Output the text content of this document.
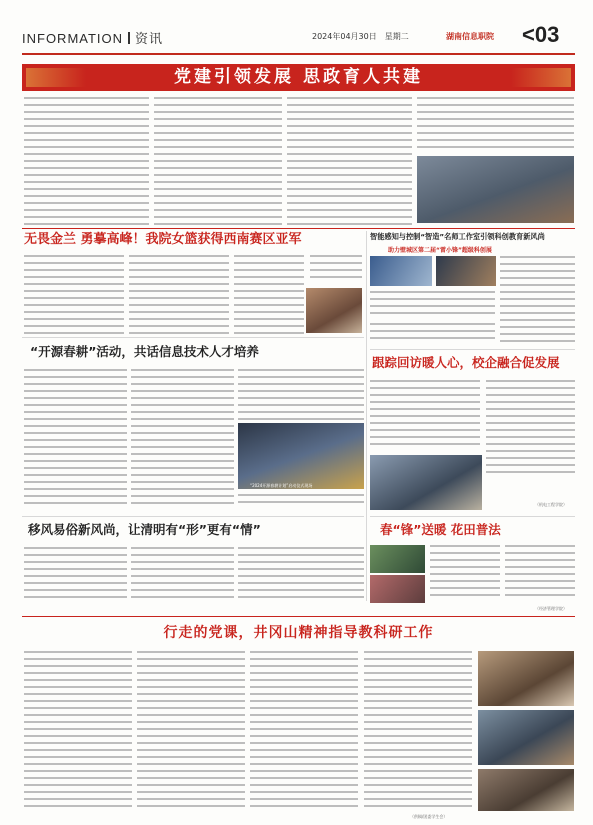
INFORMATION 资讯	2024年04月30日　星期二	湖南信息职院 <03
党建引领发展 思政育人共建
无畏金兰 勇摹高峰！我院女篮获得西南赛区亚军	智能感知与控制“智造”名师工作室引领科创教育新风尚
助力壁城区第二届“雷小锋”超级科创展
“开源春耕”活动，共话信息技术人才培养
“2024开源春耕计划”启动仪式现场
跟踪回访暖人心，校企融合促发展
（机电工程学院）
移风易俗新风尚，让清明有“形”更有“情”	春“锋”送暖 花田普法
（经济管理学院）
行走的党课，井冈山精神指导教科研工作
（供稿/团委学生会）
